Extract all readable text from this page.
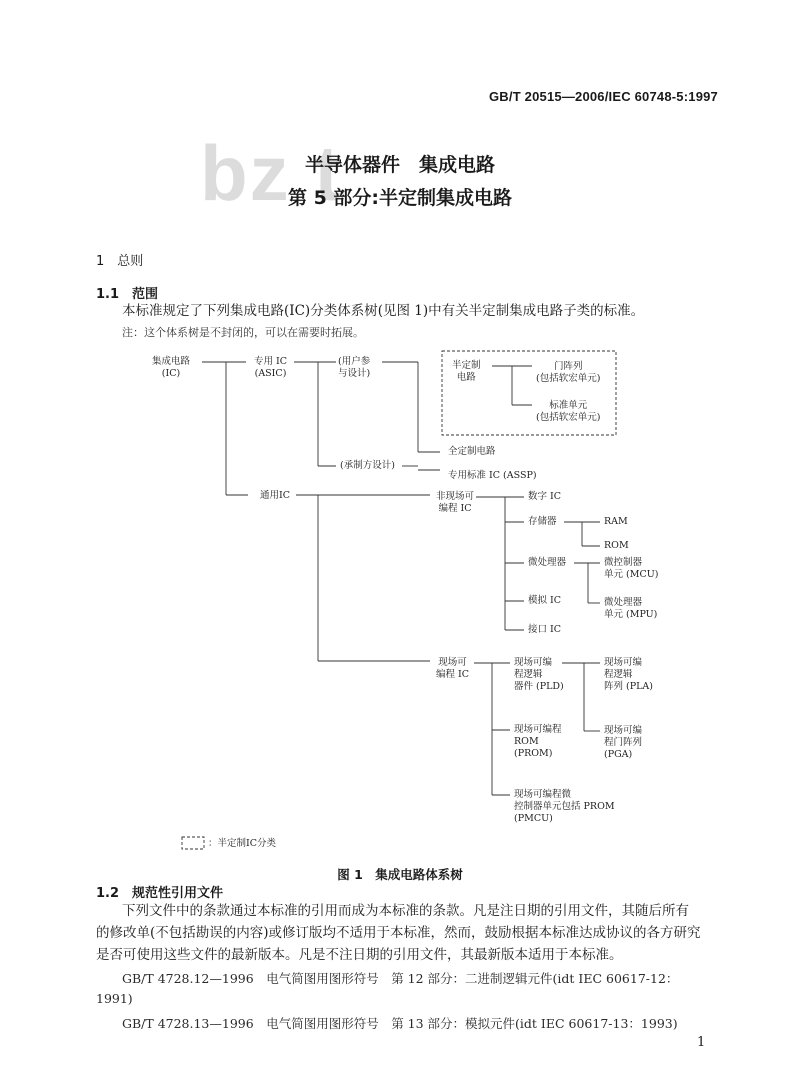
GB/T 20515—2006/IEC 60748-5:1997
bz t
半导体器件　集成电路
第 5 部分:半定制集成电路
1　总则
1.1　范围
本标准规定了下列集成电路(IC)分类体系树(见图 1)中有关半定制集成电路子类的标准。
注：这个体系树是不封闭的，可以在需要时拓展。
集成电路
(IC)
专用 IC
(ASIC)
(用户参
与设计)
半定制
电路
门阵列
(包括软宏单元)
标准单元
(包括软宏单元)
全定制电路
(承制方设计)
专用标准 IC (ASSP)
通用IC	非现场可
编程 IC
数字 IC
存储器	RAM
ROM
微处理器	微控制器
单元 (MCU)
微处理器
单元 (MPU)
模拟 IC
接口 IC
现场可
编程 IC
现场可编
程逻辑
器件 (PLD)
现场可编
程逻辑
阵列 (PLA)
现场可编程
ROM
(PROM)
现场可编
程门阵列
(PGA)
现场可编程微
控制器单元包括 PROM
(PMCU)
：半定制IC分类
图 1　集成电路体系树
1.2　规范性引用文件
下列文件中的条款通过本标准的引用而成为本标准的条款。凡是注日期的引用文件，其随后所有
的修改单(不包括勘误的内容)或修订版均不适用于本标准，然而，鼓励根据本标准达成协议的各方研究
是否可使用这些文件的最新版本。凡是不注日期的引用文件，其最新版本适用于本标准。
GB/T 4728.12—1996　电气简图用图形符号　第 12 部分：二进制逻辑元件(idt IEC 60617-12：
1991)
GB/T 4728.13—1996　电气简图用图形符号　第 13 部分：模拟元件(idt IEC 60617-13：1993)
1
